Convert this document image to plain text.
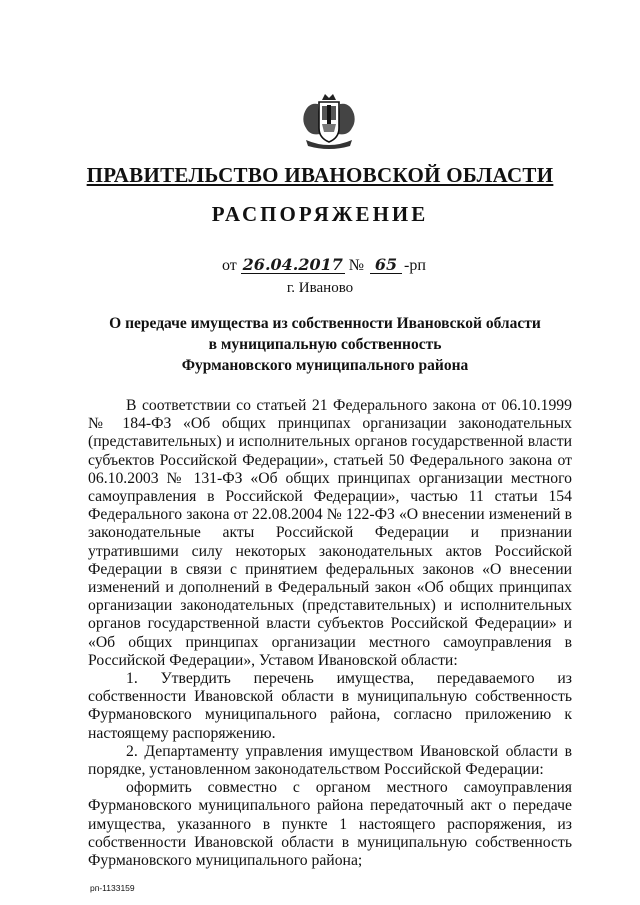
ПРАВИТЕЛЬСТВО ИВАНОВСКОЙ ОБЛАСТИ
РАСПОРЯЖЕНИЕ
от 26.04.2017 № 65 -рп
г. Иваново
О передаче имущества из собственности Ивановской области
в муниципальную собственность
Фурмановского муниципального района

В соответствии со статьей 21 Федерального закона от 06.10.1999 № 184-ФЗ «Об общих принципах организации законодательных (представительных) и исполнительных органов государственной власти субъектов Российской Федерации», статьей 50 Федерального закона от 06.10.2003 № 131-ФЗ «Об общих принципах организации местного самоуправления в Российской Федерации», частью 11 статьи 154 Федерального закона от 22.08.2004 № 122-ФЗ «О внесении изменений в законодательные акты Российской Федерации и признании утратившими силу некоторых законодательных актов Российской Федерации в связи с принятием федеральных законов «О внесении изменений и дополнений в Федеральный закон «Об общих принципах организации законодательных (представительных) и исполнительных органов государственной власти субъектов Российской Федерации» и «Об общих принципах организации местного самоуправления в Российской Федерации», Уставом Ивановской области:

1. Утвердить перечень имущества, передаваемого из собственности Ивановской области в муниципальную собственность Фурмановского муниципального района, согласно приложению к настоящему распоряжению.

2. Департаменту управления имуществом Ивановской области в порядке, установленном законодательством Российской Федерации:

оформить совместно с органом местного самоуправления Фурмановского муниципального района передаточный акт о передаче имущества, указанного в пункте 1 настоящего распоряжения, из собственности Ивановской области в муниципальную собственность Фурмановского муниципального района;

рп-1133159
